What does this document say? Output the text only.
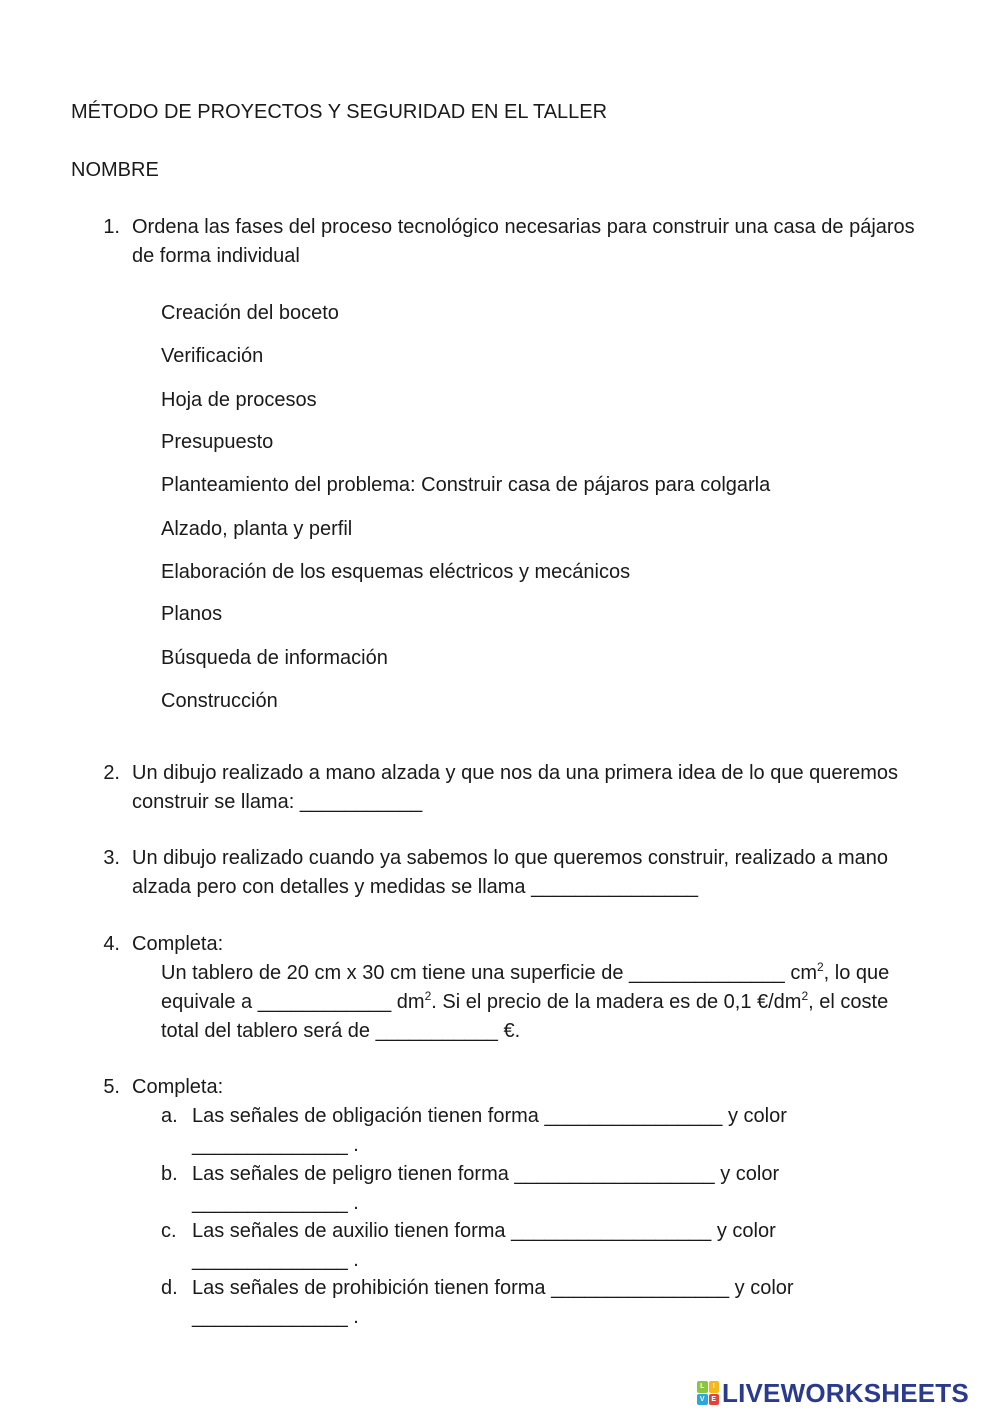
MÉTODO DE PROYECTOS Y SEGURIDAD EN EL TALLER
NOMBRE
1. Ordena las fases del proceso tecnológico necesarias para construir una casa de pájaros
de forma individual
Creación del boceto
Verificación
Hoja de procesos
Presupuesto
Planteamiento del problema: Construir casa de pájaros para colgarla
Alzado, planta y perfil
Elaboración de los esquemas eléctricos y mecánicos
Planos
Búsqueda de información
Construcción
2. Un dibujo realizado a mano alzada y que nos da una primera idea de lo que queremos
construir se llama: ___________
3. Un dibujo realizado cuando ya sabemos lo que queremos construir, realizado a mano
alzada pero con detalles y medidas se llama _______________
4. Completa:
Un tablero de 20 cm x 30 cm tiene una superficie de ______________ $cm^2$, lo que
equivale a ____________ $dm^2$. Si el precio de la madera es de 0,1 $€/dm^2$, el coste
total del tablero será de ___________ €.
5. Completa:
a. Las señales de obligación tienen forma ________________ y color
______________ .
b. Las señales de peligro tienen forma __________________ y color
______________ .
c. Las señales de auxilio tienen forma __________________ y color
______________ .
d. Las señales de prohibición tienen forma ________________ y color
______________ .
L	I
V E LIVEWORKSHEETS
